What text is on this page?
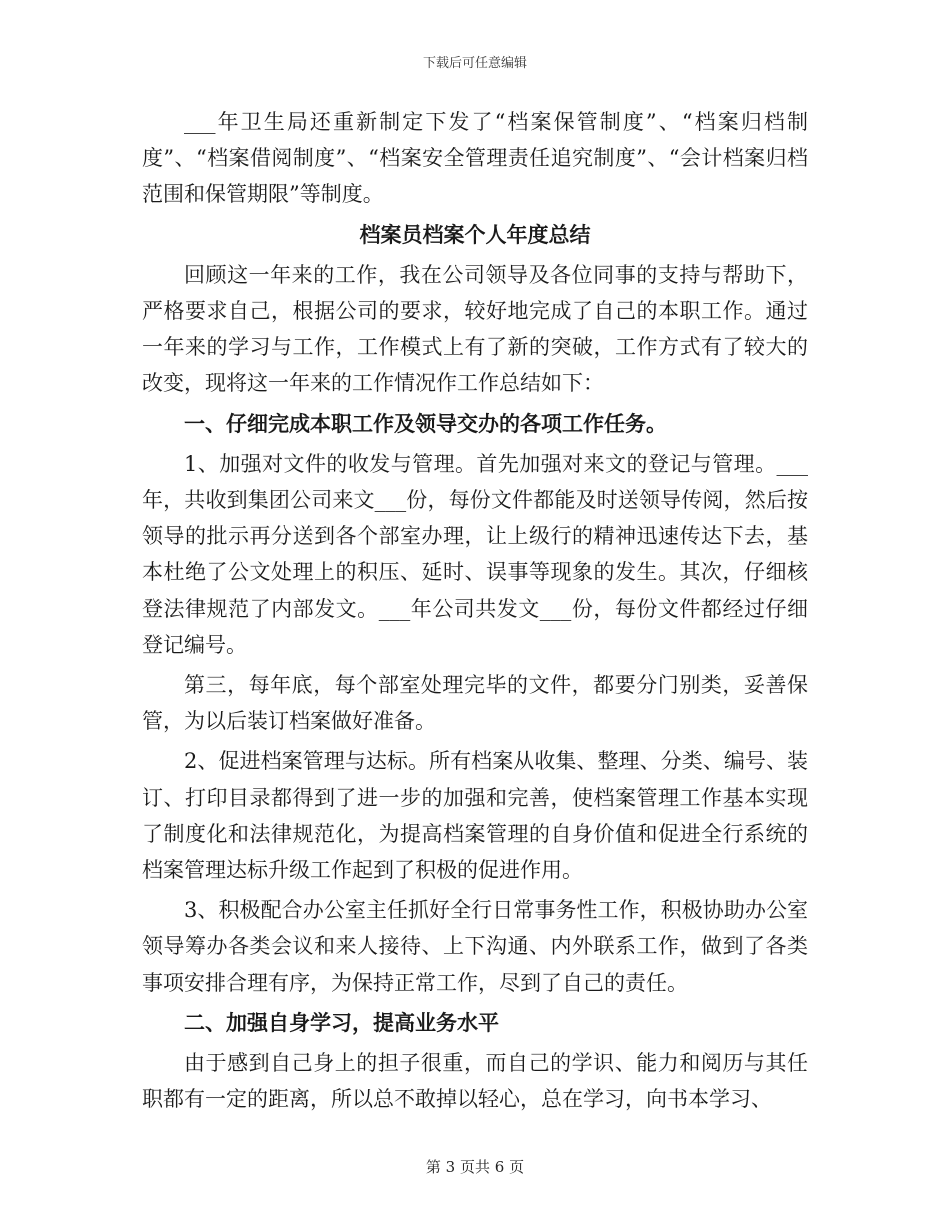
下载后可任意编辑

___年卫生局还重新制定下发了“档案保管制度”、“档案归档制度”、“档案借阅制度”、“档案安全管理责任追究制度”、“会计档案归档范围和保管期限”等制度。

档案员档案个人年度总结

回顾这一年来的工作，我在公司领导及各位同事的支持与帮助下，严格要求自己，根据公司的要求，较好地完成了自己的本职工作。通过一年来的学习与工作，工作模式上有了新的突破，工作方式有了较大的改变，现将这一年来的工作情况作工作总结如下：

一、仔细完成本职工作及领导交办的各项工作任务。

1、加强对文件的收发与管理。首先加强对来文的登记与管理。___年，共收到集团公司来文___份，每份文件都能及时送领导传阅，然后按领导的批示再分送到各个部室办理，让上级行的精神迅速传达下去，基本杜绝了公文处理上的积压、延时、误事等现象的发生。其次，仔细核登法律规范了内部发文。___年公司共发文___份，每份文件都经过仔细登记编号。

第三，每年底，每个部室处理完毕的文件，都要分门别类，妥善保管，为以后装订档案做好准备。

2、促进档案管理与达标。所有档案从收集、整理、分类、编号、装订、打印目录都得到了进一步的加强和完善，使档案管理工作基本实现了制度化和法律规范化，为提高档案管理的自身价值和促进全行系统的档案管理达标升级工作起到了积极的促进作用。

3、积极配合办公室主任抓好全行日常事务性工作，积极协助办公室领导筹办各类会议和来人接待、上下沟通、内外联系工作，做到了各类事项安排合理有序，为保持正常工作，尽到了自己的责任。

二、加强自身学习，提高业务水平

由于感到自己身上的担子很重，而自己的学识、能力和阅历与其任职都有一定的距离，所以总不敢掉以轻心，总在学习，向书本学习、

第 3 页共 6 页
